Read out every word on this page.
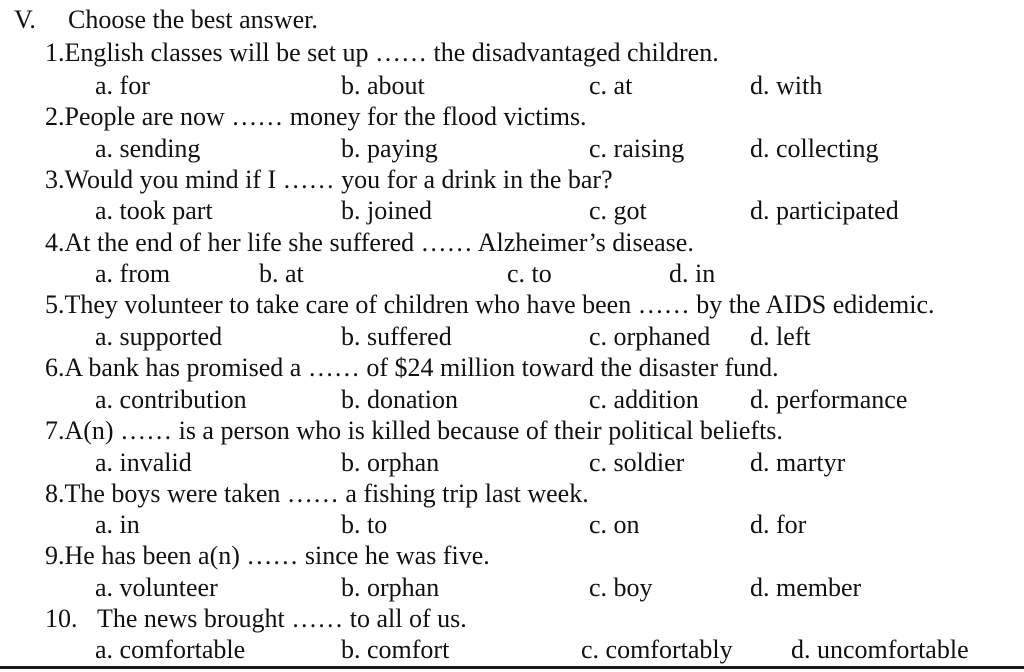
V. Choose the best answer.
1.English classes will be set up …… the disadvantaged children.
a. for	b. about	c. at	d. with
2.People are now …… money for the flood victims.
a. sending	b. paying	c. raising	d. collecting
3.Would you mind if I …… you for a drink in the bar?
a. took part	b. joined	c. got	d. participated
4.At the end of her life she suffered …… Alzheimer’s disease.
a. from	b. at	c. to	d. in
5.They volunteer to take care of children who have been …… by the AIDS edidemic.
a. supported	b. suffered	c. orphaned d. left
6.A bank has promised a …… of $24 million toward the disaster fund.
a. contribution	b. donation	c. addition d. performance
7.A(n) …… is a person who is killed because of their political beliefts.
a. invalid	b. orphan	c. soldier	d. martyr
8.The boys were taken …… a fishing trip last week.
a. in	b. to	c. on	d. for
9.He has been a(n) …… since he was five.
a. volunteer	b. orphan	c. boy	d. member
10. The news brought …… to all of us.
a. comfortable	b. comfort	c. comfortably d. uncomfortable
